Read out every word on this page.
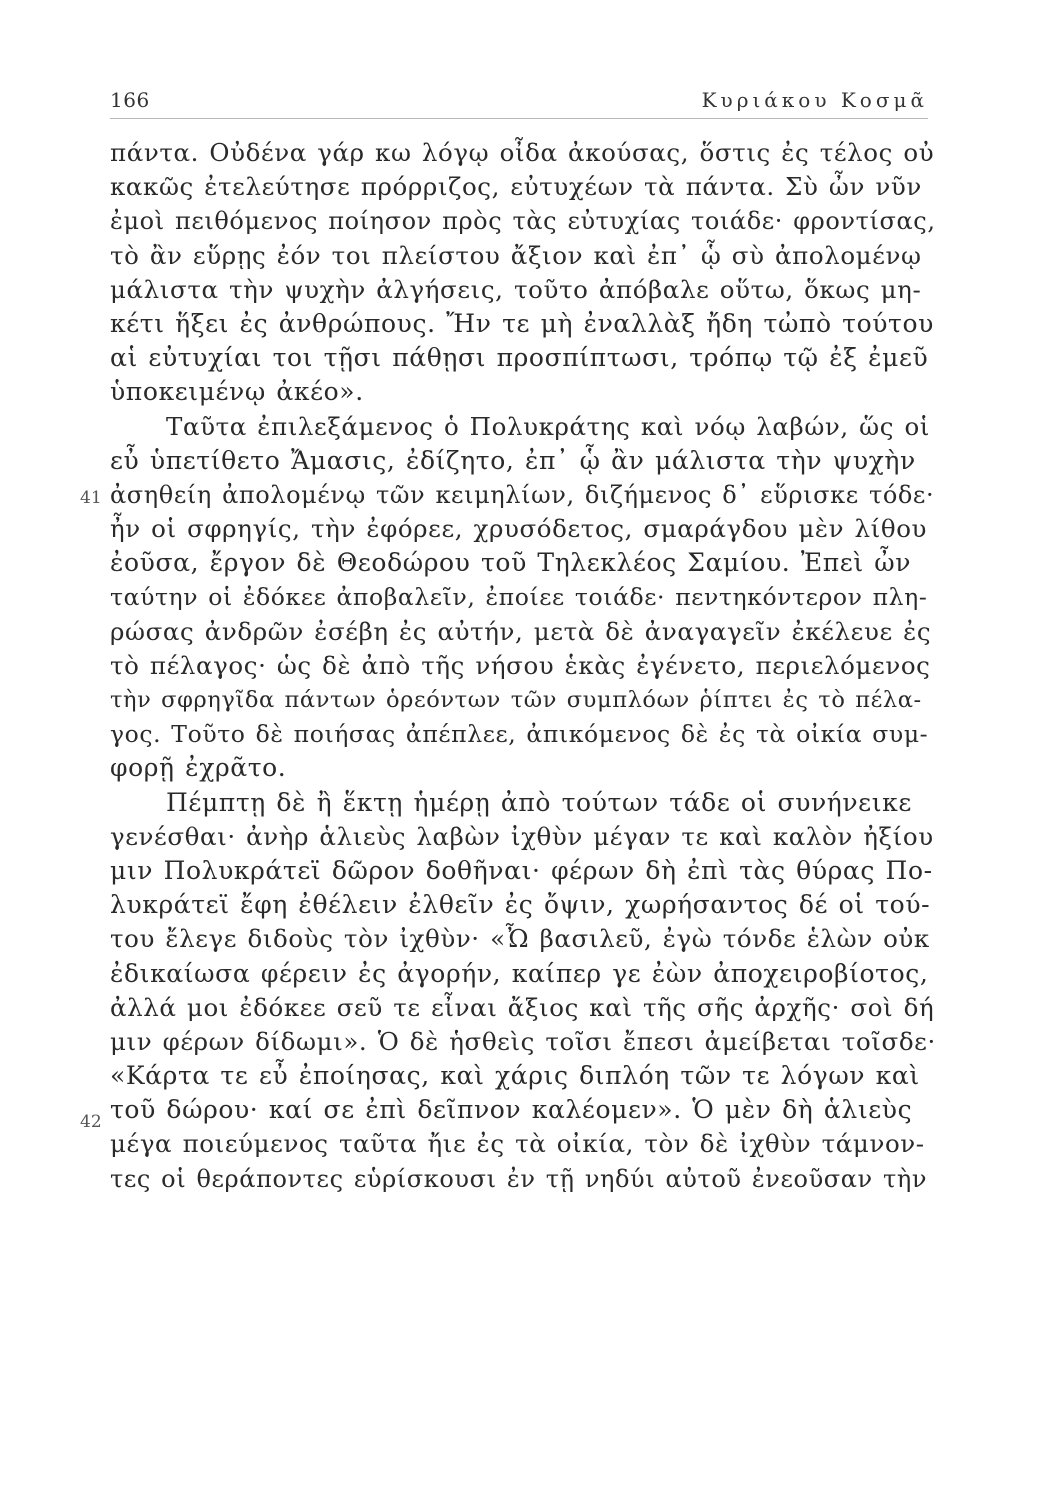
166	Κυριάκου Κοσμᾶ
41
42
πάντα. Οὐδένα γάρ κω λόγῳ οἶδα ἀκούσας, ὅστις ἐς τέλος οὐ
κακῶς ἐτελεύτησε πρόρριζος, εὐτυχέων τὰ πάντα. Σὺ ὦν νῦν
ἐμοὶ πειθόμενος ποίησον πρὸς τὰς εὐτυχίας τοιάδε· φροντίσας,
τὸ ἂν εὕρῃς ἐόν τοι πλείστου ἄξιον καὶ ἐπ᾽ ᾧ σὺ ἀπολομένῳ
μάλιστα τὴν ψυχὴν ἀλγήσεις, τοῦτο ἀπόβαλε οὕτω, ὅκως μη-
κέτι ἥξει ἐς ἀνθρώπους. Ἤν τε μὴ ἐναλλὰξ ἤδη τὠπὸ τούτου
αἱ εὐτυχίαι τοι τῇσι πάθῃσι προσπίπτωσι, τρόπῳ τῷ ἐξ ἐμεῦ
ὑποκειμένῳ ἀκέο».
Ταῦτα ἐπιλεξάμενος ὁ Πολυκράτης καὶ νόῳ λαβών, ὥς οἱ
εὖ ὑπετίθετο Ἄμασις, ἐδίζητο, ἐπ᾽ ᾧ ἂν μάλιστα τὴν ψυχὴν
ἀσηθείη ἀπολομένῳ τῶν κειμηλίων, διζήμενος δ᾽ εὕρισκε τόδε·
ἦν οἱ σφρηγίς, τὴν ἐφόρεε, χρυσόδετος, σμαράγδου μὲν λίθου
ἐοῦσα, ἔργον δὲ Θεοδώρου τοῦ Τηλεκλέος Σαμίου. Ἐπεὶ ὦν
ταύτην οἱ ἐδόκεε ἀποβαλεῖν, ἐποίεε τοιάδε· πεντηκόντερον πλη-
ρώσας ἀνδρῶν ἐσέβη ἐς αὐτήν, μετὰ δὲ ἀναγαγεῖν ἐκέλευε ἐς
τὸ πέλαγος· ὡς δὲ ἀπὸ τῆς νήσου ἑκὰς ἐγένετο, περιελόμενος
τὴν σφρηγῖδα πάντων ὁρεόντων τῶν συμπλόων ῥίπτει ἐς τὸ πέλα-
γος. Τοῦτο δὲ ποιήσας ἀπέπλεε, ἀπικόμενος δὲ ἐς τὰ οἰκία συμ-
φορῇ ἐχρᾶτο.
Πέμπτῃ δὲ ἢ ἕκτῃ ἡμέρῃ ἀπὸ τούτων τάδε οἱ συνήνεικε
γενέσθαι· ἀνὴρ ἁλιεὺς λαβὼν ἰχθὺν μέγαν τε καὶ καλὸν ἠξίου
μιν Πολυκράτεϊ δῶρον δοθῆναι· φέρων δὴ ἐπὶ τὰς θύρας Πο-
λυκράτεϊ ἔφη ἐθέλειν ἐλθεῖν ἐς ὄψιν, χωρήσαντος δέ οἱ τού-
του ἔλεγε διδοὺς τὸν ἰχθὺν· «Ὦ βασιλεῦ, ἐγὼ τόνδε ἑλὼν οὐκ
ἐδικαίωσα φέρειν ἐς ἀγορήν, καίπερ γε ἐὼν ἀποχειροβίοτος,
ἀλλά μοι ἐδόκεε σεῦ τε εἶναι ἄξιος καὶ τῆς σῆς ἀρχῆς· σοὶ δή
μιν φέρων δίδωμι». Ὁ δὲ ἡσθεὶς τοῖσι ἔπεσι ἀμείβεται τοῖσδε·
«Κάρτα τε εὖ ἐποίησας, καὶ χάρις διπλόη τῶν τε λόγων καὶ
τοῦ δώρου· καί σε ἐπὶ δεῖπνον καλέομεν». Ὁ μὲν δὴ ἁλιεὺς
μέγα ποιεύμενος ταῦτα ἤιε ἐς τὰ οἰκία, τὸν δὲ ἰχθὺν τάμνον-
τες οἱ θεράποντες εὑρίσκουσι ἐν τῇ νηδύι αὐτοῦ ἐνεοῦσαν τὴν
